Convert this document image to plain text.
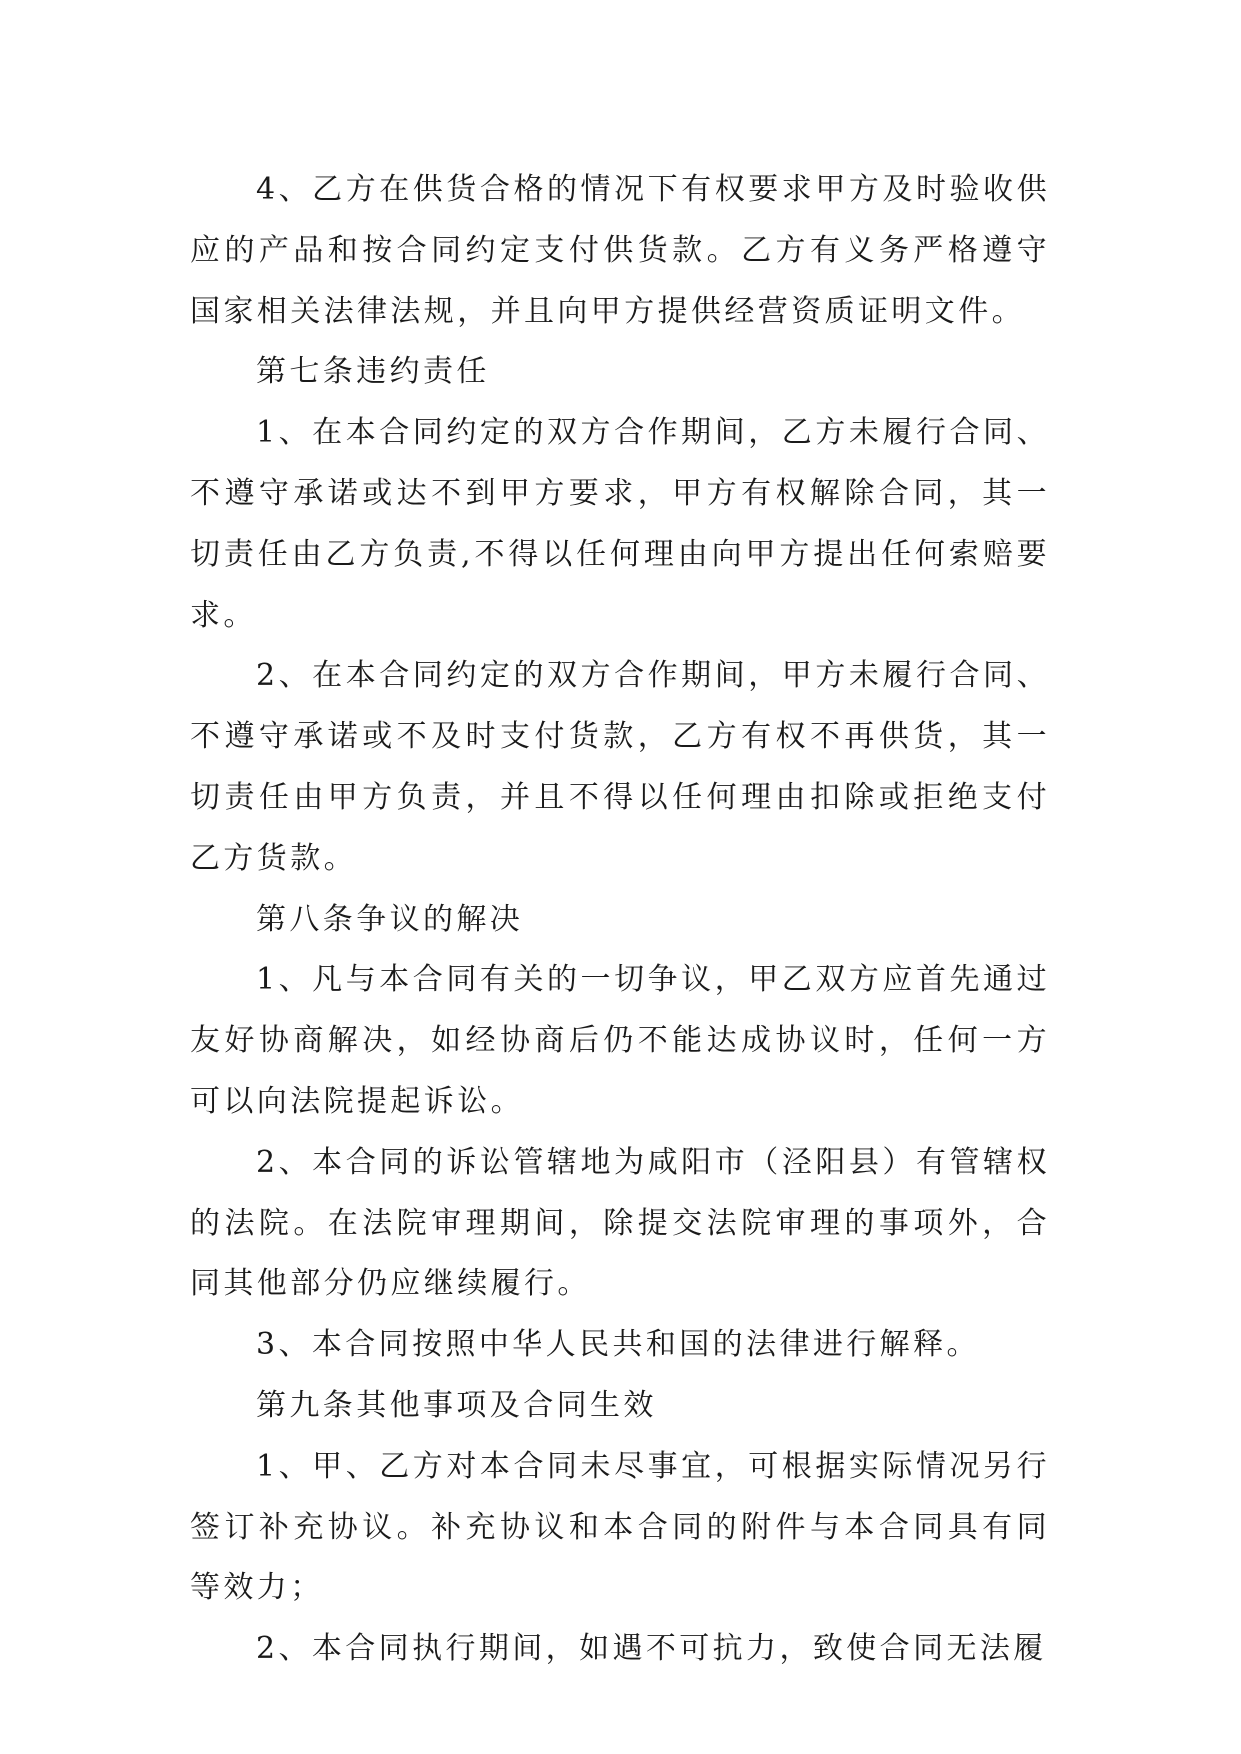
4、乙方在供货合格的情况下有权要求甲方及时验收供应的产品和按合同约定支付供货款。乙方有义务严格遵守国家相关法律法规，并且向甲方提供经营资质证明文件。

第七条违约责任

1、在本合同约定的双方合作期间，乙方未履行合同、不遵守承诺或达不到甲方要求，甲方有权解除合同，其一切责任由乙方负责,不得以任何理由向甲方提出任何索赔要求。

2、在本合同约定的双方合作期间，甲方未履行合同、不遵守承诺或不及时支付货款，乙方有权不再供货，其一切责任由甲方负责，并且不得以任何理由扣除或拒绝支付乙方货款。

第八条争议的解决

1、凡与本合同有关的一切争议，甲乙双方应首先通过友好协商解决，如经协商后仍不能达成协议时，任何一方可以向法院提起诉讼。

2、本合同的诉讼管辖地为咸阳市（泾阳县）有管辖权的法院。在法院审理期间，除提交法院审理的事项外，合同其他部分仍应继续履行。

3、本合同按照中华人民共和国的法律进行解释。

第九条其他事项及合同生效

1、甲、乙方对本合同未尽事宜，可根据实际情况另行签订补充协议。补充协议和本合同的附件与本合同具有同等效力；

2、本合同执行期间，如遇不可抗力，致使合同无法履
